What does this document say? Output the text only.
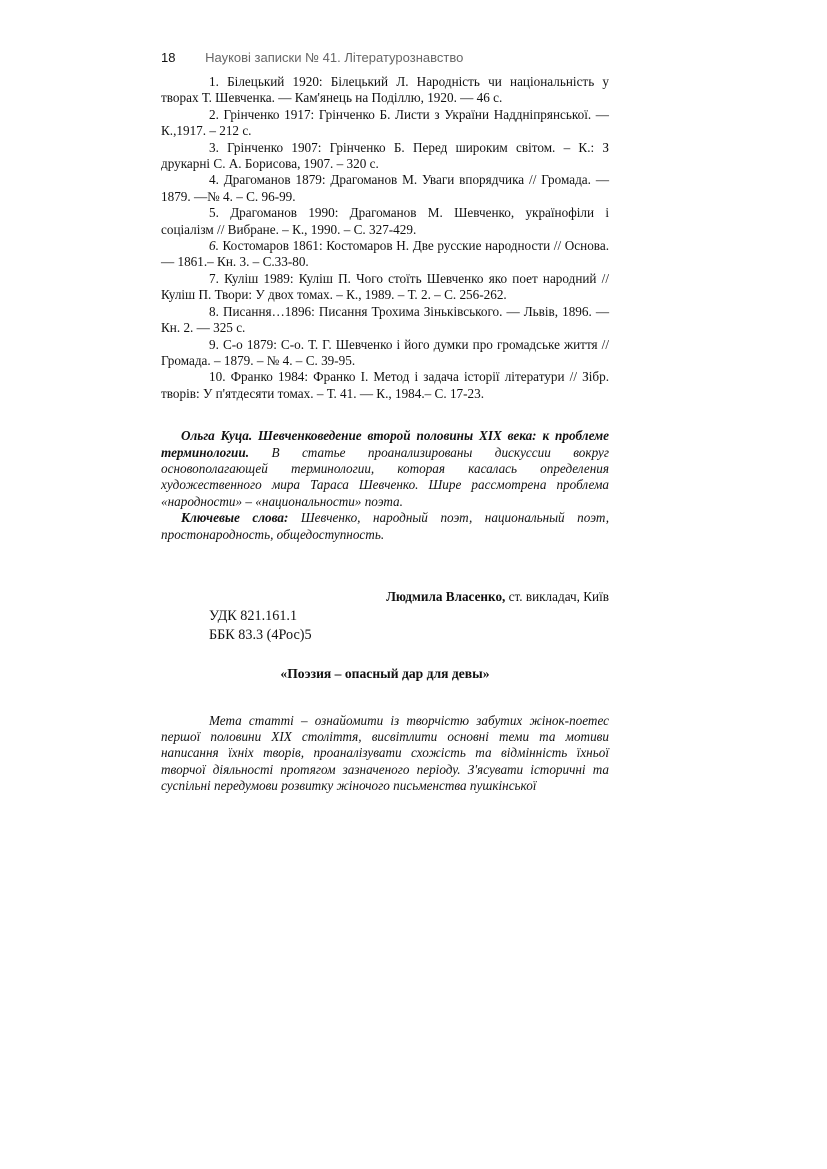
18 Наукові записки № 41. Літературознавство

1. Білецький 1920: Білецький Л. Народність чи національність у творах Т. Шевченка. — Кам'янець на Поділлю, 1920. — 46 с.

2. Грінченко 1917: Грінченко Б. Листи з України Наддніпрянської. — К.,1917. – 212 с.

3. Грінченко 1907: Грінченко Б. Перед широким світом. – К.: З друкарні С. А. Борисова, 1907. – 320 с.

4. Драгоманов 1879: Драгоманов М. Уваги впорядчика // Громада. — 1879. —№ 4. – С. 96-99.

5. Драгоманов 1990: Драгоманов М. Шевченко, українофіли і соціалізм // Вибране. – К., 1990. – С. 327-429.

6. Костомаров 1861: Костомаров Н. Две русские народности // Основа. — 1861.– Кн. 3. – С.33-80.

7. Куліш 1989: Куліш П. Чого стоїть Шевченко яко поет народний // Куліш П. Твори: У двох томах. – К., 1989. – Т. 2. – С. 256-262.

8. Писання…1896: Писання Трохима Зіньківського. — Львів, 1896. — Кн. 2. — 325 с.

9. С-о 1879: С-о. Т. Г. Шевченко і його думки про громадське життя // Громада. – 1879. – № 4. – С. 39-95.

10. Франко 1984: Франко І. Метод і задача історії літератури // Зібр. творів: У п'ятдесяти томах. – Т. 41. — К., 1984.– С. 17-23.

Ольга Куца. Шевченковедение второй половины XIX века: к проблеме терминологии. В статье проанализированы дискуссии вокруг основополагающей терминологии, которая касалась определения художественного мира Тараса Шевченко. Шире рассмотрена проблема «народности» – «национальности» поэта.

Ключевые слова: Шевченко, народный поэт, национальный поэт, простонародность, общедоступность.

Людмила Власенко, ст. викладач, Київ
УДК 821.161.1
ББК 83.3 (4Рос)5
«Поэзия – опасный дар для девы»

Мета статті – ознайомити із творчістю забутих жінок-поетес першої половини XIX століття, висвітлити основні теми та мотиви написання їхніх творів, проаналізувати схожість та відмінність їхньої творчої діяльності протягом зазначеного періоду. З'ясувати історичні та суспільні передумови розвитку жіночого письменства пушкінської
